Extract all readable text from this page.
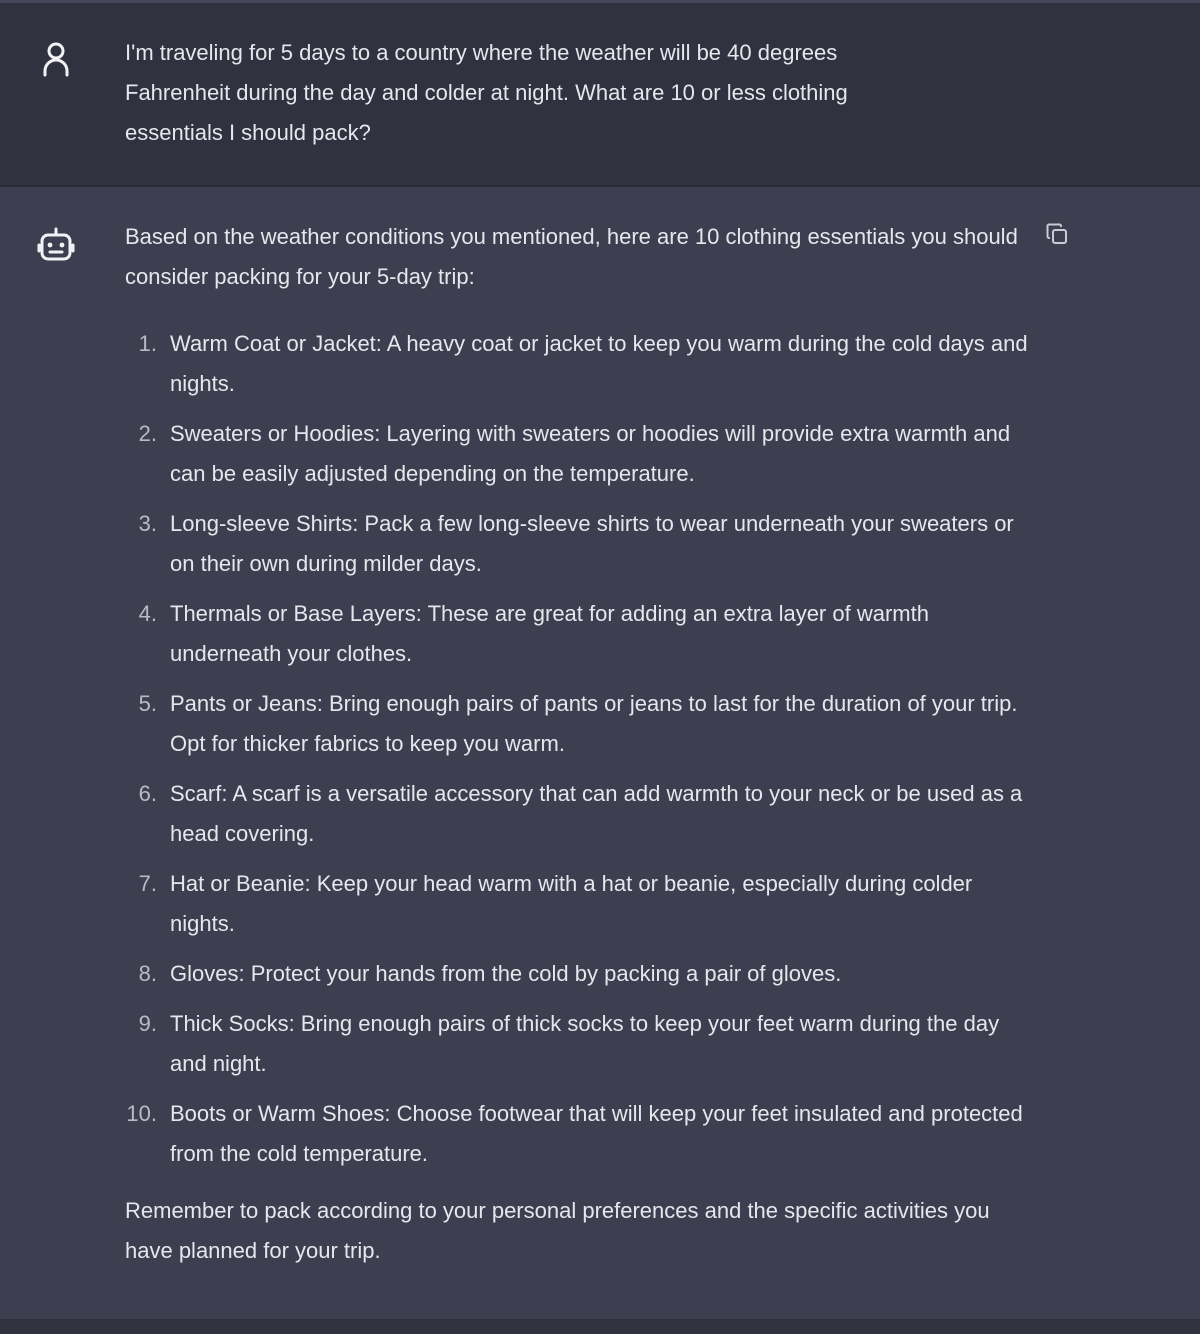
I'm traveling for 5 days to a country where the weather will be 40 degrees Fahrenheit during the day and colder at night. What are 10 or less clothing essentials I should pack?

Based on the weather conditions you mentioned, here are 10 clothing essentials you should consider packing for your 5-day trip:

1. Warm Coat or Jacket: A heavy coat or jacket to keep you warm during the cold days and nights.
2. Sweaters or Hoodies: Layering with sweaters or hoodies will provide extra warmth and can be easily adjusted depending on the temperature.
3. Long-sleeve Shirts: Pack a few long-sleeve shirts to wear underneath your sweaters or on their own during milder days.
4. Thermals or Base Layers: These are great for adding an extra layer of warmth underneath your clothes.
5. Pants or Jeans: Bring enough pairs of pants or jeans to last for the duration of your trip. Opt for thicker fabrics to keep you warm.
6. Scarf: A scarf is a versatile accessory that can add warmth to your neck or be used as a head covering.
7. Hat or Beanie: Keep your head warm with a hat or beanie, especially during colder nights.
8. Gloves: Protect your hands from the cold by packing a pair of gloves.
9. Thick Socks: Bring enough pairs of thick socks to keep your feet warm during the day and night.
10. Boots or Warm Shoes: Choose footwear that will keep your feet insulated and protected from the cold temperature.

Remember to pack according to your personal preferences and the specific activities you have planned for your trip.
